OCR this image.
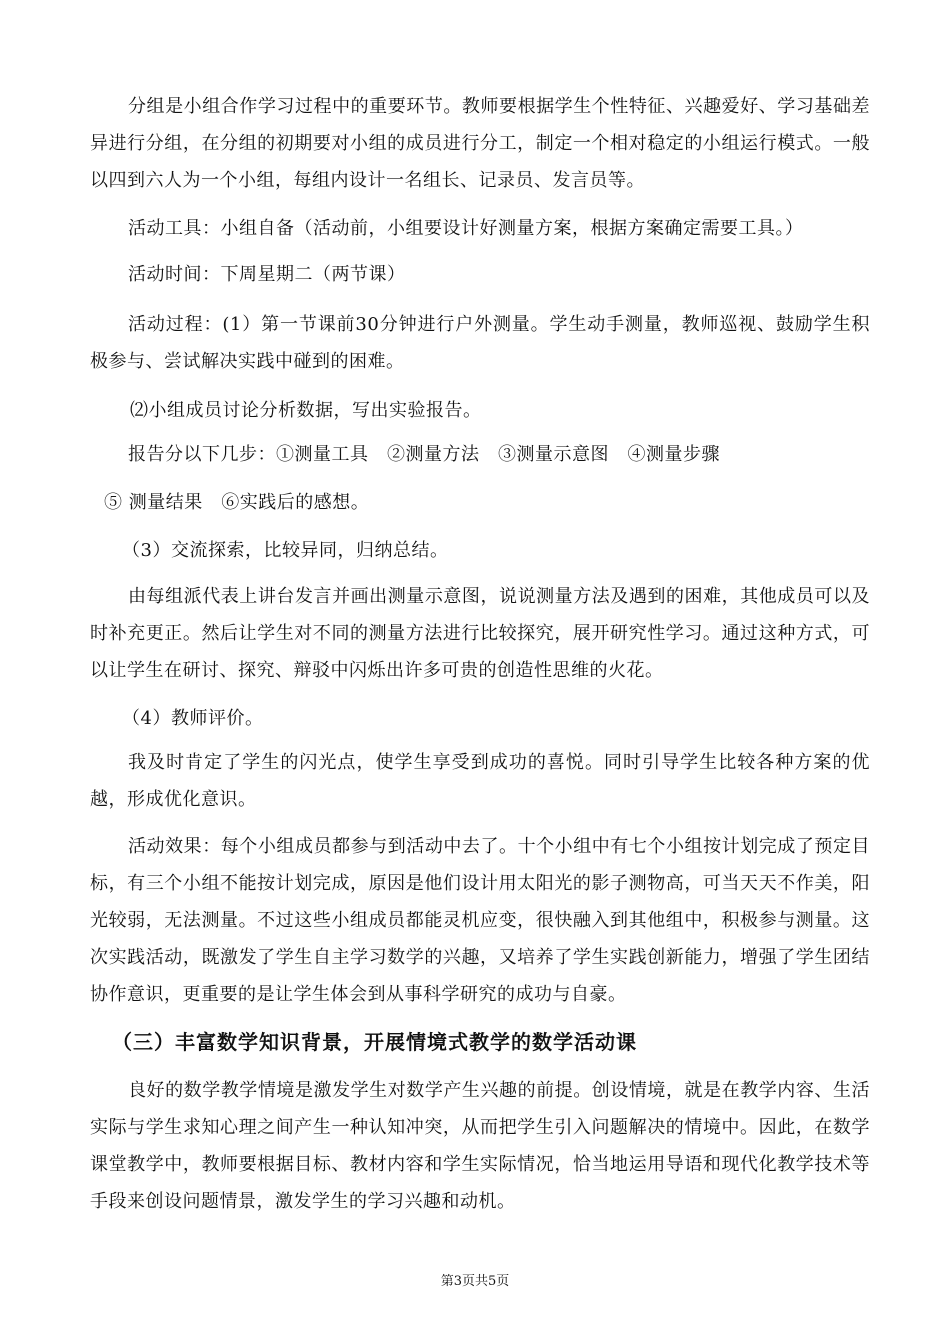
分组是小组合作学习过程中的重要环节。教师要根据学生个性特征、兴趣爱好、学习基础差异进行分组，在分组的初期要对小组的成员进行分工，制定一个相对稳定的小组运行模式。一般以四到六人为一个小组，每组内设计一名组长、记录员、发言员等。

活动工具：小组自备（活动前，小组要设计好测量方案，根据方案确定需要工具。）

活动时间：下周星期二（两节课）

活动过程：(1）第一节课前30分钟进行户外测量。学生动手测量，教师巡视、鼓励学生积极参与、尝试解决实践中碰到的困难。

⑵小组成员讨论分析数据，写出实验报告。

报告分以下几步：①测量工具　②测量方法　③测量示意图　④测量步骤

⑤ 测量结果　⑥实践后的感想。

（3）交流探索，比较异同，归纳总结。

由每组派代表上讲台发言并画出测量示意图，说说测量方法及遇到的困难，其他成员可以及时补充更正。然后让学生对不同的测量方法进行比较探究，展开研究性学习。通过这种方式，可以让学生在研讨、探究、辩驳中闪烁出许多可贵的创造性思维的火花。

（4）教师评价。

我及时肯定了学生的闪光点，使学生享受到成功的喜悦。同时引导学生比较各种方案的优越，形成优化意识。

活动效果：每个小组成员都参与到活动中去了。十个小组中有七个小组按计划完成了预定目标，有三个小组不能按计划完成，原因是他们设计用太阳光的影子测物高，可当天天不作美，阳光较弱，无法测量。不过这些小组成员都能灵机应变，很快融入到其他组中，积极参与测量。这次实践活动，既激发了学生自主学习数学的兴趣，又培养了学生实践创新能力，增强了学生团结协作意识，更重要的是让学生体会到从事科学研究的成功与自豪。

（三）丰富数学知识背景，开展情境式教学的数学活动课

良好的数学教学情境是激发学生对数学产生兴趣的前提。创设情境，就是在教学内容、生活实际与学生求知心理之间产生一种认知冲突，从而把学生引入问题解决的情境中。因此，在数学课堂教学中，教师要根据目标、教材内容和学生实际情况，恰当地运用导语和现代化教学技术等手段来创设问题情景，激发学生的学习兴趣和动机。

第3页共5页
